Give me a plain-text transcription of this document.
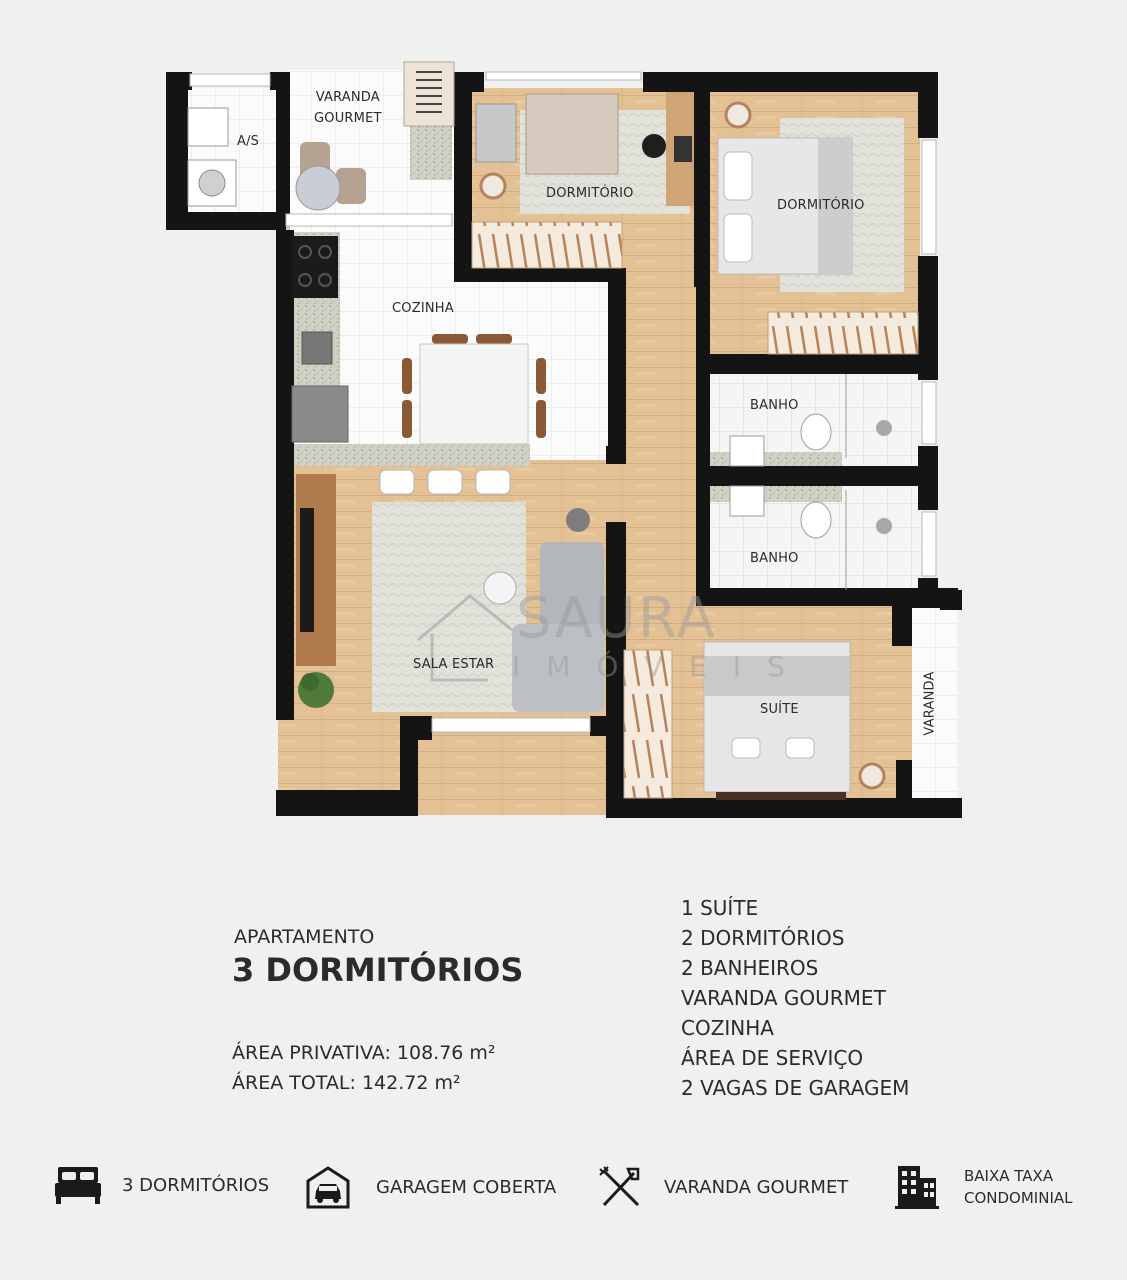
A/S
VARANDA
GOURMET
DORMITÓRIO
DORMITÓRIO
COZINHA
BANHO
BANHO
SALA ESTAR
SUÍTE	VARANDA
SAURA
IMÓVEIS
APARTAMENTO
3 DORMITÓRIOS
ÁREA PRIVATIVA: 108.76 m²
ÁREA TOTAL: 142.72 m²
1 SUÍTE
2 DORMITÓRIOS
2 BANHEIROS
VARANDA GOURMET
COZINHA
ÁREA DE SERVIÇO
2 VAGAS DE GARAGEM
3 DORMITÓRIOS	GARAGEM COBERTA	VARANDA GOURMET
BAIXA TAXA CONDOMINIAL
